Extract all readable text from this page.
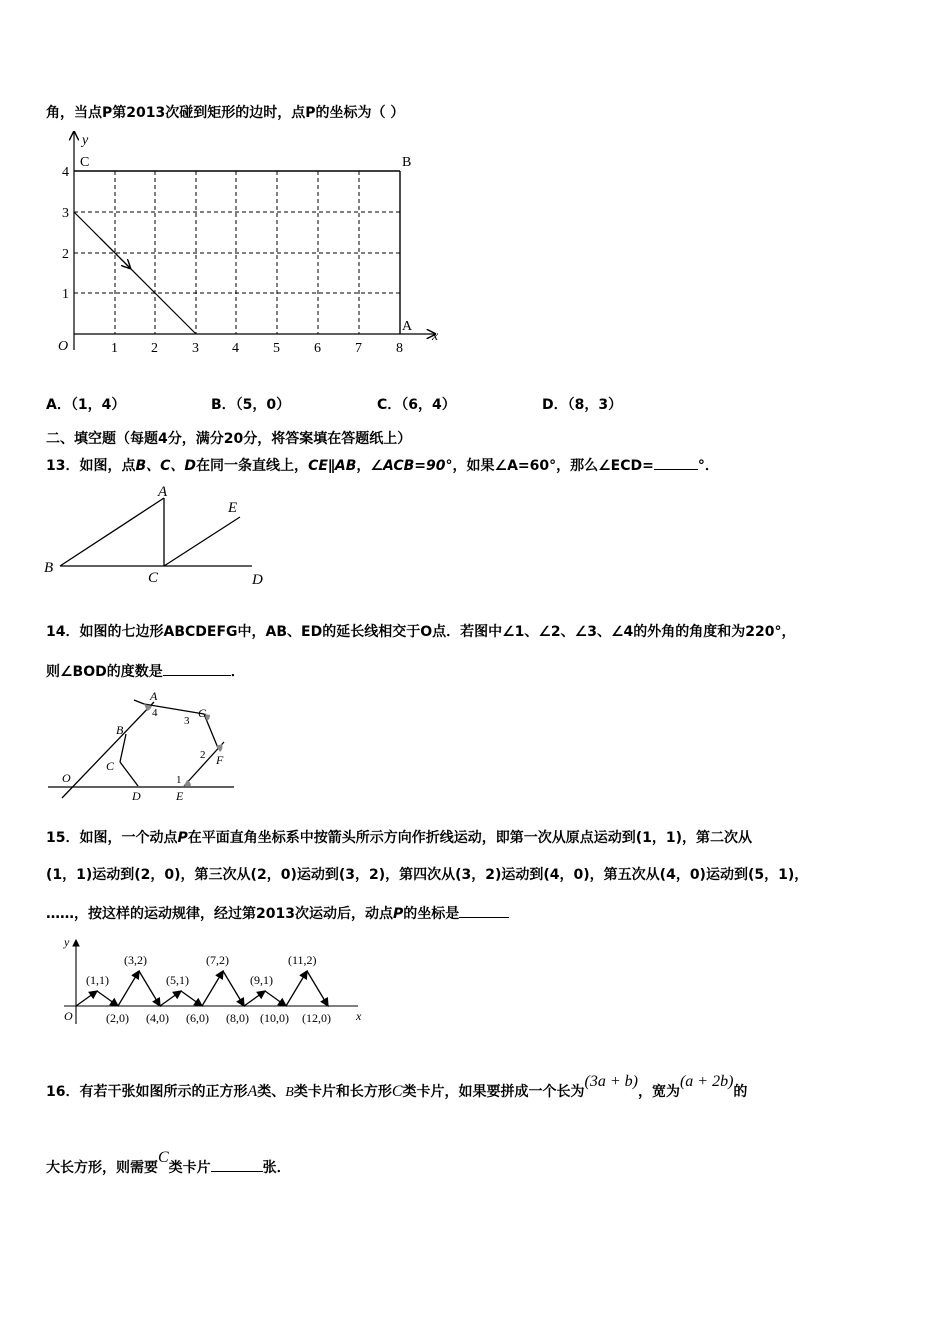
角，当点P第2013次碰到矩形的边时，点P的坐标为（ ）
1 2 3 4 5 6 7 8
1
2
3
4
O
x
y
C	B
A
A．（1，4）	B．（5，0）	C．（6，4）	D．（8，3）
二、填空题（每题4分，满分20分，将答案填在答题纸上）
13．如图，点B、C、D在同一条直线上，CE∥AB，∠ACB=90°，如果∠A=60°，那么∠ECD=	°．
A
B
C	D
E
14．如图的七边形ABCDEFG中，AB、ED的延长线相交于O点．若图中∠1、∠2、∠3、∠4的外角的角度和为220°，
则∠BOD的度数是	．
O
A
B
C
D	E
F
G
1
2
3
4
15．如图，一个动点P在平面直角坐标系中按箭头所示方向作折线运动，即第一次从原点运动到(1，1)，第二次从
(1，1)运动到(2，0)，第三次从(2，0)运动到(3，2)，第四次从(3，2)运动到(4，0)，第五次从(4，0)运动到(5，1)，
……，按这样的运动规律，经过第2013次运动后，动点P的坐标是
(1,1)
(3,2)
(5,1)
(7,2)
(9,1)
(11,2)
(2,0) (4,0) (6,0) (8,0) (10,0) (12,0)
O	x
y
16．有若干张如图所示的正方形A类、B类卡片和长方形C类卡片，如果要拼成一个长为(3a + b)，宽为(a + 2b)的
大长方形，则需要C类卡片	张．
